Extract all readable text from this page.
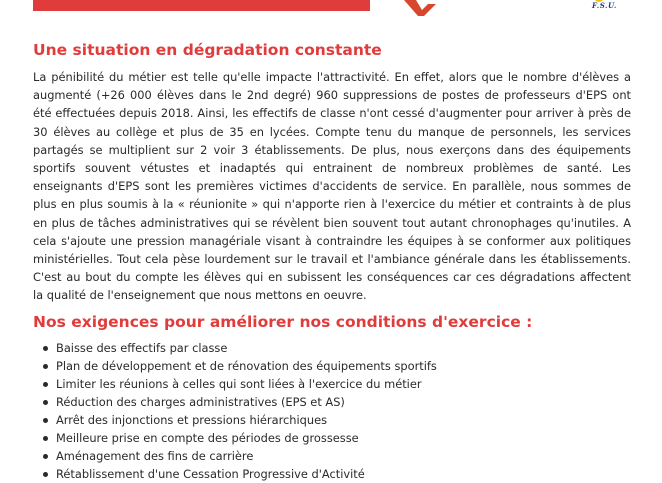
F.S.U.
Une situation en dégradation constante

La pénibilité du métier est telle qu'elle impacte l'attractivité. En effet, alors que le nombre d'élèves a
augmenté (+26 000 élèves dans le 2nd degré) 960 suppressions de postes de professeurs d'EPS ont
été effectuées depuis 2018. Ainsi, les effectifs de classe n'ont cessé d'augmenter pour arriver à près de
30 élèves au collège et plus de 35 en lycées. Compte tenu du manque de personnels, les services
partagés se multiplient sur 2 voir 3 établissements. De plus, nous exerçons dans des équipements
sportifs souvent vétustes et inadaptés qui entrainent de nombreux problèmes de santé. Les
enseignants d'EPS sont les premières victimes d'accidents de service. En parallèle, nous sommes de
plus en plus soumis à la « réunionite » qui n'apporte rien à l'exercice du métier et contraints à de plus
en plus de tâches administratives qui se révèlent bien souvent tout autant chronophages qu'inutiles. A
cela s'ajoute une pression managériale visant à contraindre les équipes à se conformer aux politiques
ministérielles. Tout cela pèse lourdement sur le travail et l'ambiance générale dans les établissements.
C'est au bout du compte les élèves qui en subissent les conséquences car ces dégradations affectent
la qualité de l'enseignement que nous mettons en oeuvre.

Nos exigences pour améliorer nos conditions d'exercice :
Baisse des effectifs par classe
Plan de développement et de rénovation des équipements sportifs
Limiter les réunions à celles qui sont liées à l'exercice du métier
Réduction des charges administratives (EPS et AS)
Arrêt des injonctions et pressions hiérarchiques
Meilleure prise en compte des périodes de grossesse
Aménagement des fins de carrière
Rétablissement d'une Cessation Progressive d'Activité
